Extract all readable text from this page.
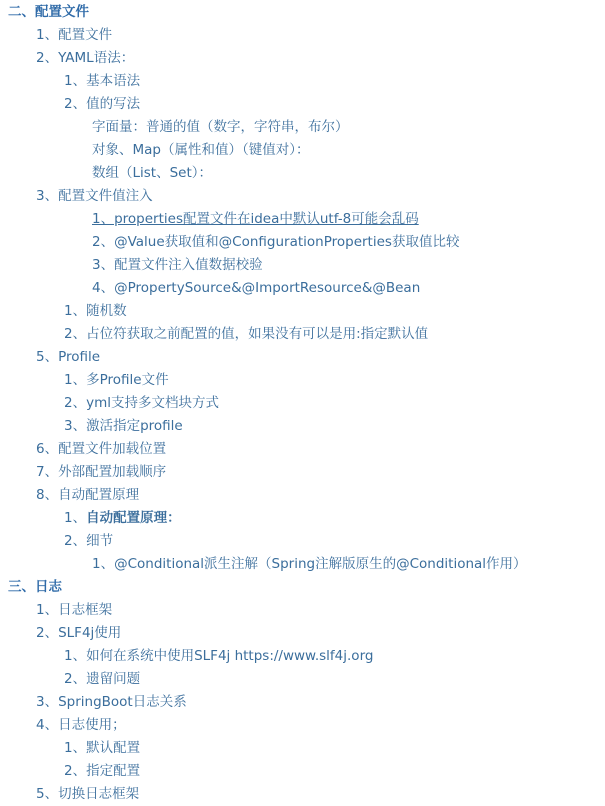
二、配置文件
1、配置文件
2、YAML语法：
1、基本语法
2、值的写法
字面量：普通的值（数字，字符串，布尔）
对象、Map（属性和值）（键值对）：
数组（List、Set）：
3、配置文件值注入
1、properties配置文件在idea中默认utf-8可能会乱码
2、@Value获取值和@ConfigurationProperties获取值比较
3、配置文件注入值数据校验
4、@PropertySource&@ImportResource&@Bean
1、随机数
2、占位符获取之前配置的值，如果没有可以是用:指定默认值
5、Profile
1、多Profile文件
2、yml支持多文档块方式
3、激活指定profile
6、配置文件加载位置
7、外部配置加载顺序
8、自动配置原理
1、自动配置原理：
2、细节
1、@Conditional派生注解（Spring注解版原生的@Conditional作用）
三、日志
1、日志框架
2、SLF4j使用
1、如何在系统中使用SLF4j https://www.slf4j.org
2、遗留问题
3、SpringBoot日志关系
4、日志使用；
1、默认配置
2、指定配置
5、切换日志框架
